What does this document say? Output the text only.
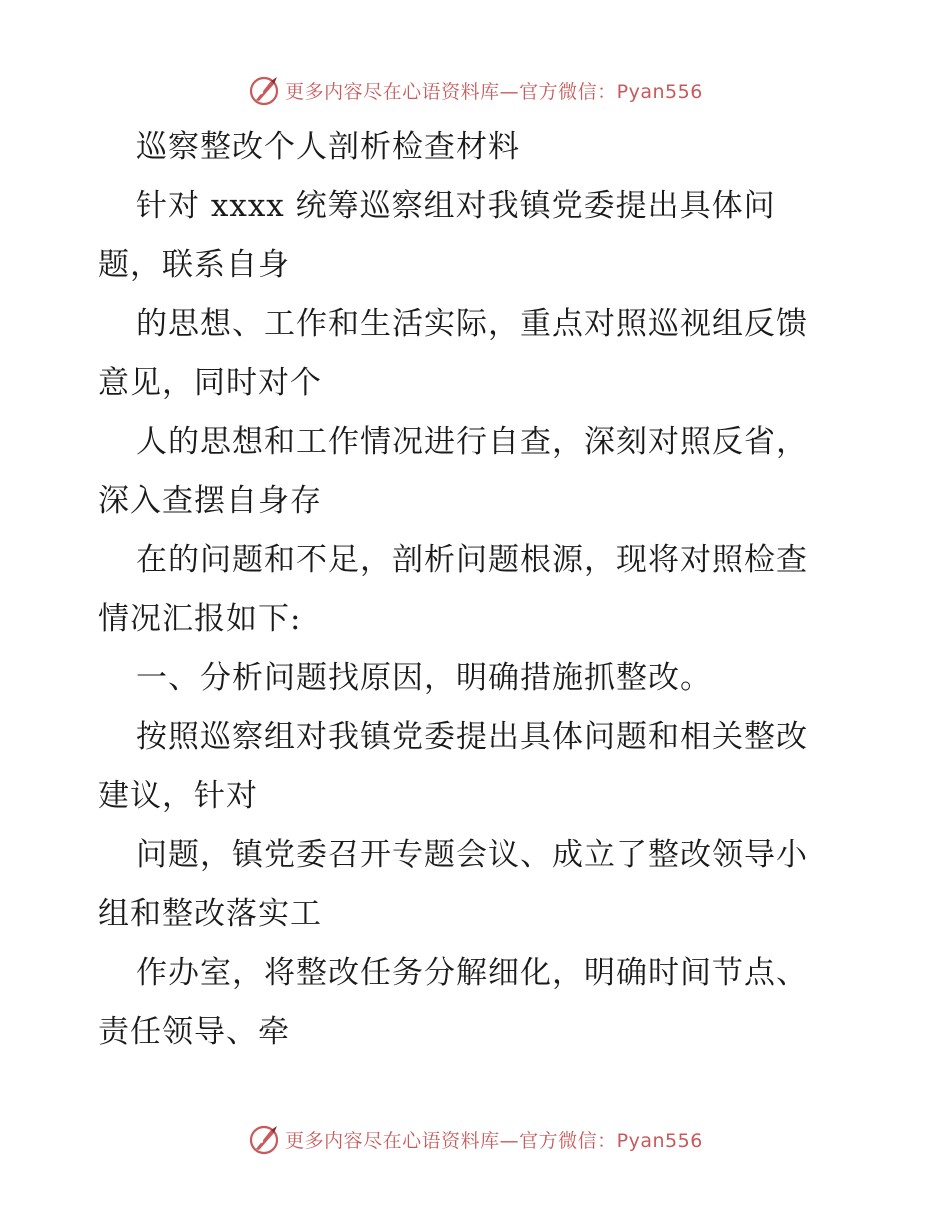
更多内容尽在心语资料库—官方微信：Pyan556
巡察整改个人剖析检查材料
针对 xxxx 统筹巡察组对我镇党委提出具体问
题，联系自身
的思想、工作和生活实际，重点对照巡视组反馈
意见，同时对个
人的思想和工作情况进行自查，深刻对照反省，
深入查摆自身存
在的问题和不足，剖析问题根源，现将对照检查
情况汇报如下:
一、分析问题找原因，明确措施抓整改。
按照巡察组对我镇党委提出具体问题和相关整改
建议，针对
问题，镇党委召开专题会议、成立了整改领导小
组和整改落实工
作办室，将整改任务分解细化，明确时间节点、
责任领导、牵
更多内容尽在心语资料库—官方微信：Pyan556
